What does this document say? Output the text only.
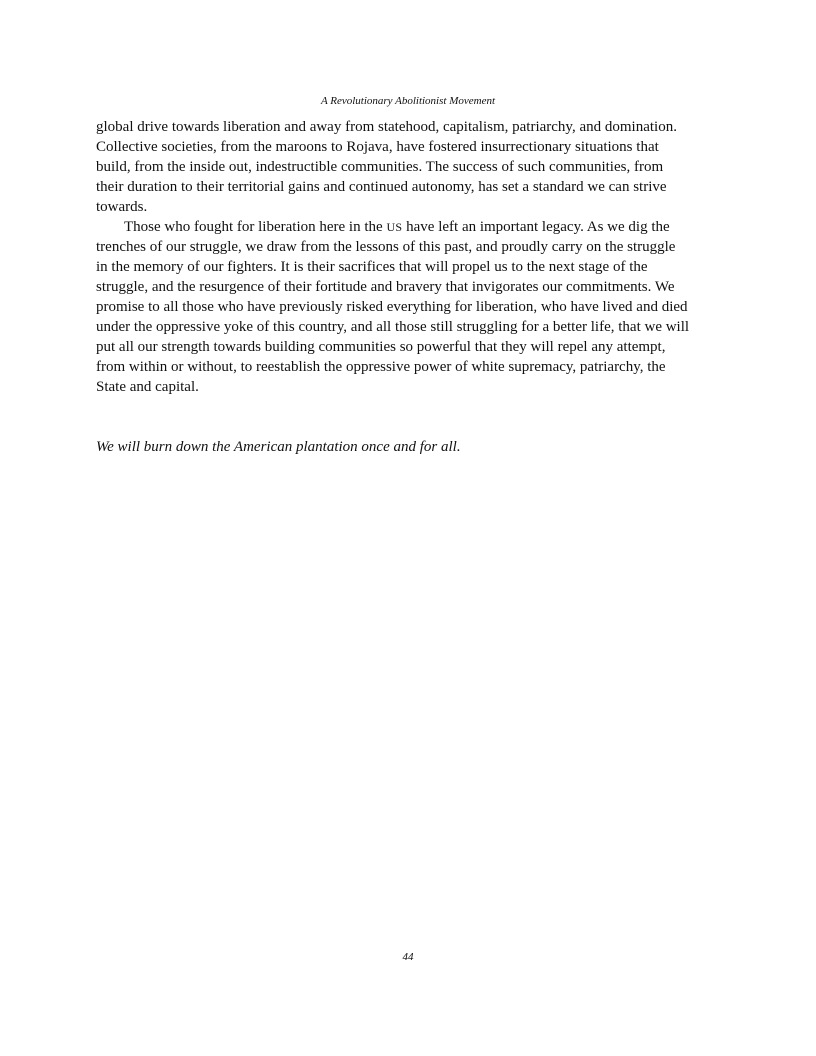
A Revolutionary Abolitionist Movement
global drive towards liberation and away from statehood, capitalism, patriarchy, and domination.
Collective societies, from the maroons to Rojava, have fostered insurrectionary situations that
build, from the inside out, indestructible communities. The success of such communities, from
their duration to their territorial gains and continued autonomy, has set a standard we can strive
towards.
Those who fought for liberation here in the US have left an important legacy. As we dig the
trenches of our struggle, we draw from the lessons of this past, and proudly carry on the struggle
in the memory of our fighters. It is their sacrifices that will propel us to the next stage of the
struggle, and the resurgence of their fortitude and bravery that invigorates our commitments. We
promise to all those who have previously risked everything for liberation, who have lived and died
under the oppressive yoke of this country, and all those still struggling for a better life, that we will
put all our strength towards building communities so powerful that they will repel any attempt,
from within or without, to reestablish the oppressive power of white supremacy, patriarchy, the
State and capital.
We will burn down the American plantation once and for all.
44
